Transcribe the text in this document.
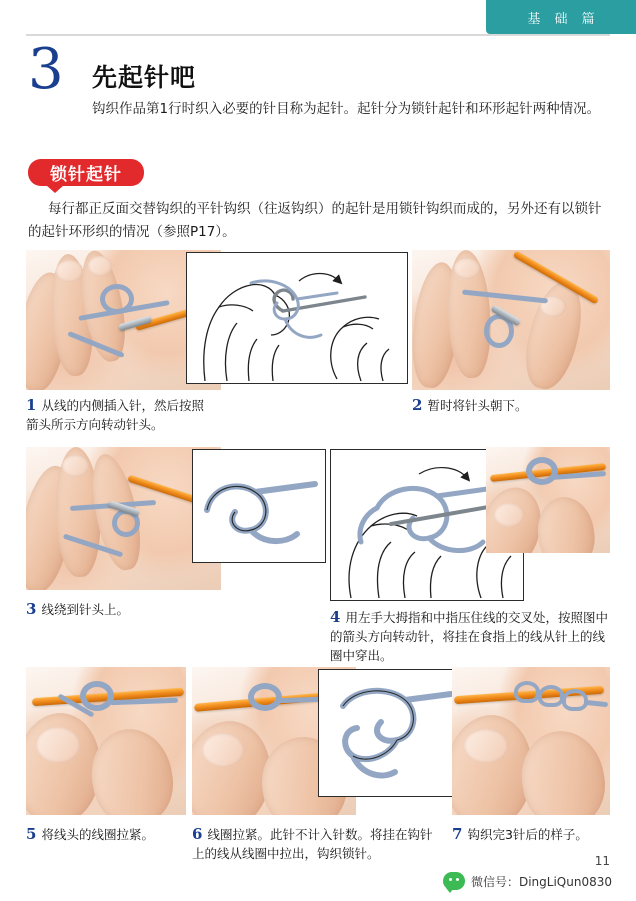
基 础 篇
3 先起针吧
钩织作品第1行时织入必要的针目称为起针。起针分为锁针起针和环形起针两种情况。
锁针起针
每行都正反面交替钩织的平针钩织（往返钩织）的起针是用锁针钩织而成的，另外还有以锁针的起针环形织的情况（参照P17）。
1 从线的内侧插入针，然后按照箭头所示方向转动针头。
2 暂时将针头朝下。
3 线绕到针头上。	4 用左手大拇指和中指压住线的交叉处，按照图中的箭头方向转动针，将挂在食指上的线从针上的线圈中穿出。
5 将线头的线圈拉紧。	6 线圈拉紧。此针不计入针数。将挂在钩针上的线从线圈中拉出，钩织锁针。
7 钩织完3针后的样子。
11
微信号：DingLiQun0830
